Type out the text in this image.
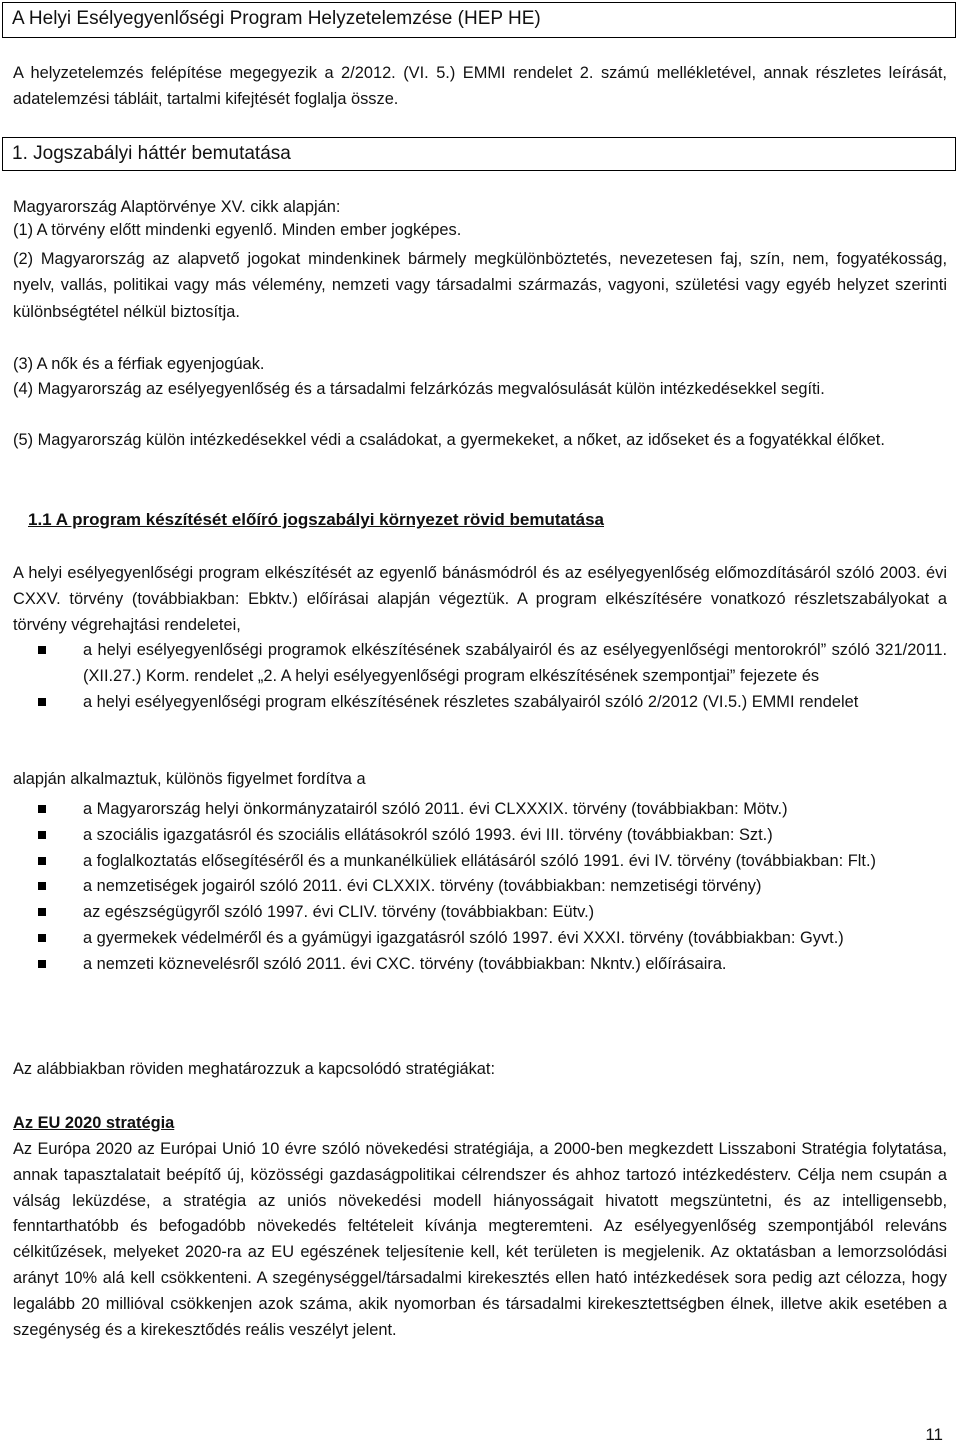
A Helyi Esélyegyenlőségi Program Helyzetelemzése (HEP HE)

A helyzetelemzés felépítése megegyezik a 2/2012. (VI. 5.) EMMI rendelet 2. számú mellékletével, annak részletes leírását, adatelemzési tábláit, tartalmi kifejtését foglalja össze.

1. Jogszabályi háttér bemutatása

Magyarország Alaptörvénye XV. cikk alapján:

(1) A törvény előtt mindenki egyenlő. Minden ember jogképes.

(2) Magyarország az alapvető jogokat mindenkinek bármely megkülönböztetés, nevezetesen faj, szín, nem, fogyatékosság, nyelv, vallás, politikai vagy más vélemény, nemzeti vagy társadalmi származás, vagyoni, születési vagy egyéb helyzet szerinti különbségtétel nélkül biztosítja.

(3) A nők és a férfiak egyenjogúak.

(4) Magyarország az esélyegyenlőség és a társadalmi felzárkózás megvalósulását külön intézkedésekkel segíti.

(5) Magyarország külön intézkedésekkel védi a családokat, a gyermekeket, a nőket, az időseket és a fogyatékkal élőket.

1.1 A program készítését előíró jogszabályi környezet rövid bemutatása

A helyi esélyegyenlőségi program elkészítését az egyenlő bánásmódról és az esélyegyenlőség előmozdításáról szóló 2003. évi CXXV. törvény (továbbiakban: Ebktv.) előírásai alapján végeztük. A program elkészítésére vonatkozó részletszabályokat a törvény végrehajtási rendeletei,

a helyi esélyegyenlőségi programok elkészítésének szabályairól és az esélyegyenlőségi mentorokról” szóló 321/2011. (XII.27.) Korm. rendelet „2. A helyi esélyegyenlőségi program elkészítésének szempontjai” fejezete és
a helyi esélyegyenlőségi program elkészítésének részletes szabályairól szóló 2/2012 (VI.5.) EMMI rendelet

alapján alkalmaztuk, különös figyelmet fordítva a

a Magyarország helyi önkormányzatairól szóló 2011. évi CLXXXIX. törvény (továbbiakban: Mötv.)
a szociális igazgatásról és szociális ellátásokról szóló 1993. évi III. törvény (továbbiakban: Szt.)
a foglalkoztatás elősegítéséről és a munkanélküliek ellátásáról szóló 1991. évi IV. törvény (továbbiakban: Flt.)
a nemzetiségek jogairól szóló 2011. évi CLXXIX. törvény (továbbiakban: nemzetiségi törvény)
az egészségügyről szóló 1997. évi CLIV. törvény (továbbiakban: Eütv.)
a gyermekek védelméről és a gyámügyi igazgatásról szóló 1997. évi XXXI. törvény (továbbiakban: Gyvt.)
a nemzeti köznevelésről szóló 2011. évi CXC. törvény (továbbiakban: Nkntv.) előírásaira.

Az alábbiakban röviden meghatározzuk a kapcsolódó stratégiákat:

Az EU 2020 stratégia

Az Európa 2020 az Európai Unió 10 évre szóló növekedési stratégiája, a 2000-ben megkezdett Lisszaboni Stratégia folytatása, annak tapasztalatait beépítő új, közösségi gazdaságpolitikai célrendszer és ahhoz tartozó intézkedésterv. Célja nem csupán a válság leküzdése, a stratégia az uniós növekedési modell hiányosságait hivatott megszüntetni, és az intelligensebb, fenntarthatóbb és befogadóbb növekedés feltételeit kívánja megteremteni. Az esélyegyenlőség szempontjából releváns célkitűzések, melyeket 2020-ra az EU egészének teljesítenie kell, két területen is megjelenik. Az oktatásban a lemorzsolódási arányt 10% alá kell csökkenteni. A szegénységgel/társadalmi kirekesztés ellen ható intézkedések sora pedig azt célozza, hogy legalább 20 millióval csökkenjen azok száma, akik nyomorban és társadalmi kirekesztettségben élnek, illetve akik esetében a szegénység és a kirekesztődés reális veszélyt jelent.

11
